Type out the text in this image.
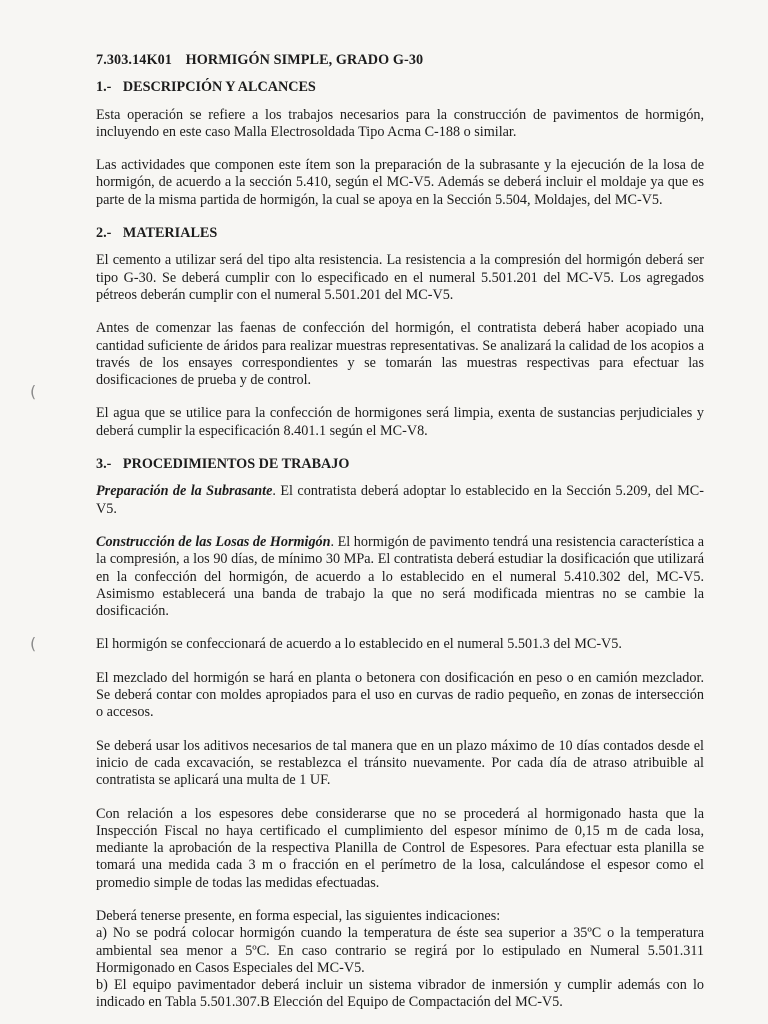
(
(
7.303.14K01 HORMIGÓN SIMPLE, GRADO G-30
1.- DESCRIPCIÓN Y ALCANCES

Esta operación se refiere a los trabajos necesarios para la construcción de pavimentos de hormigón, incluyendo en este caso Malla Electrosoldada Tipo Acma C-188 o similar.

Las actividades que componen este ítem son la preparación de la subrasante y la ejecución de la losa de hormigón, de acuerdo a la sección 5.410, según el MC-V5. Además se deberá incluir el moldaje ya que es parte de la misma partida de hormigón, la cual se apoya en la Sección 5.504, Moldajes, del MC-V5.

2.- MATERIALES

El cemento a utilizar será del tipo alta resistencia. La resistencia a la compresión del hormigón deberá ser tipo G-30. Se deberá cumplir con lo especificado en el numeral 5.501.201 del MC-V5. Los agregados pétreos deberán cumplir con el numeral 5.501.201 del MC-V5.

Antes de comenzar las faenas de confección del hormigón, el contratista deberá haber acopiado una cantidad suficiente de áridos para realizar muestras representativas. Se analizará la calidad de los acopios a través de los ensayes correspondientes y se tomarán las muestras respectivas para efectuar las dosificaciones de prueba y de control.

El agua que se utilice para la confección de hormigones será limpia, exenta de sustancias perjudiciales y deberá cumplir la especificación 8.401.1 según el MC-V8.

3.- PROCEDIMIENTOS DE TRABAJO

Preparación de la Subrasante. El contratista deberá adoptar lo establecido en la Sección 5.209, del MC-V5.

Construcción de las Losas de Hormigón. El hormigón de pavimento tendrá una resistencia característica a la compresión, a los 90 días, de mínimo 30 MPa. El contratista deberá estudiar la dosificación que utilizará en la confección del hormigón, de acuerdo a lo establecido en el numeral 5.410.302 del, MC-V5. Asimismo establecerá una banda de trabajo la que no será modificada mientras no se cambie la dosificación.

El hormigón se confeccionará de acuerdo a lo establecido en el numeral 5.501.3 del MC-V5.

El mezclado del hormigón se hará en planta o betonera con dosificación en peso o en camión mezclador. Se deberá contar con moldes apropiados para el uso en curvas de radio pequeño, en zonas de intersección o accesos.

Se deberá usar los aditivos necesarios de tal manera que en un plazo máximo de 10 días contados desde el inicio de cada excavación, se restablezca el tránsito nuevamente. Por cada día de atraso atribuible al contratista se aplicará una multa de 1 UF.

Con relación a los espesores debe considerarse que no se procederá al hormigonado hasta que la Inspección Fiscal no haya certificado el cumplimiento del espesor mínimo de 0,15 m de cada losa, mediante la aprobación de la respectiva Planilla de Control de Espesores. Para efectuar esta planilla se tomará una medida cada 3 m o fracción en el perímetro de la losa, calculándose el espesor como el promedio simple de todas las medidas efectuadas.

Deberá tenerse presente, en forma especial, las siguientes indicaciones:

a) No se podrá colocar hormigón cuando la temperatura de éste sea superior a 35ºC o la temperatura ambiental sea menor a 5ºC. En caso contrario se regirá por lo estipulado en Numeral 5.501.311 Hormigonado en Casos Especiales del MC-V5.

b) El equipo pavimentador deberá incluir un sistema vibrador de inmersión y cumplir además con lo indicado en Tabla 5.501.307.B Elección del Equipo de Compactación del MC-V5.
